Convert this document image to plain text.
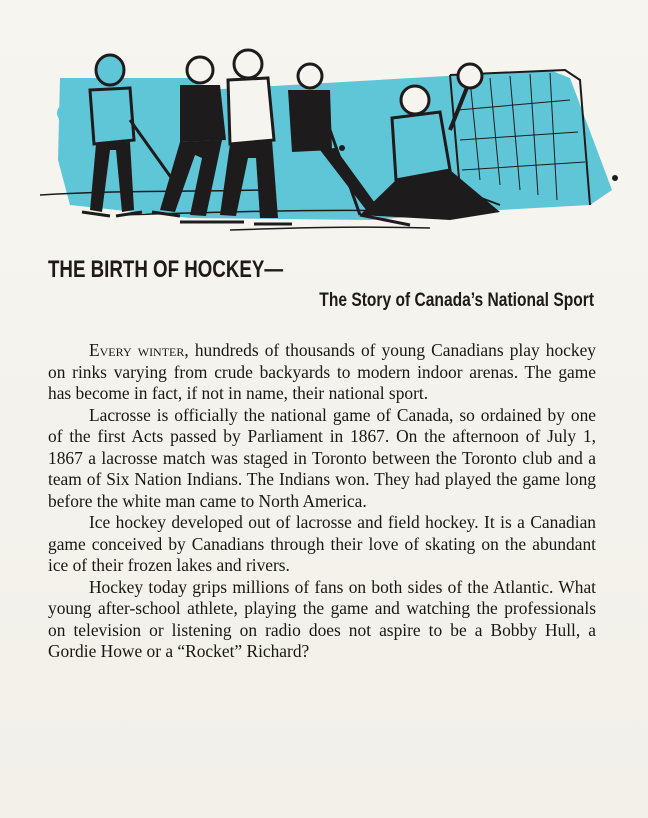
THE BIRTH OF HOCKEY—
The Story of Canada’s National Sport

Every winter, hundreds of thousands of young Canadians play hockey on rinks varying from crude backyards to modern indoor arenas. The game has become in fact, if not in name, their national sport.

Lacrosse is officially the national game of Canada, so ordained by one of the first Acts passed by Parliament in 1867. On the afternoon of July 1, 1867 a lacrosse match was staged in Toronto between the Toronto club and a team of Six Nation Indians. The Indians won. They had played the game long before the white man came to North America.

Ice hockey developed out of lacrosse and field hockey. It is a Canadian game conceived by Canadians through their love of skating on the abundant ice of their frozen lakes and rivers.

Hockey today grips millions of fans on both sides of the Atlantic. What young after-school athlete, playing the game and watching the professionals on television or listening on radio does not aspire to be a Bobby Hull, a Gordie Howe or a “Rocket” Richard?
